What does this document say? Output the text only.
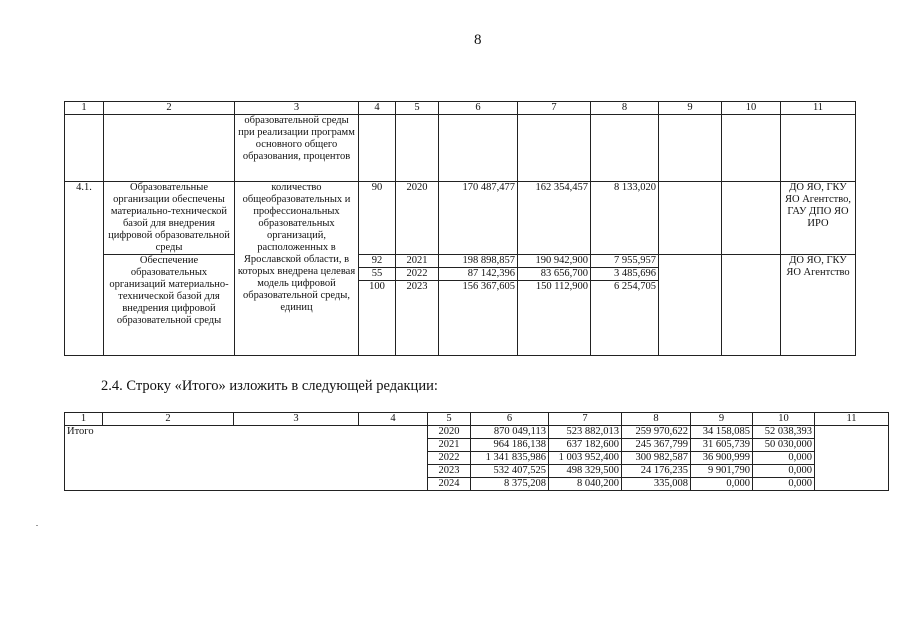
8
1	2	3	4	5	6	7	8	9	10	11
		образовательной среды при реализации программ основного общего образования, процентов								
4.1.	Образовательные организации обеспечены материально-технической базой для внедрения цифровой образовательной среды	количество общеобразовательных и профессиональных образовательных организаций, расположенных в Ярославской области, в которых внедрена целевая модель цифровой образовательной среды, единиц	90	2020	170 487,477	162 354,457	8 133,020			ДО ЯО, ГКУ ЯО Агентство, ГАУ ДПО ЯО ИРО
	Обеспечение образовательных организаций материально-технической базой для внедрения цифровой образовательной среды		92	2021	198 898,857	190 942,900	7 955,957			ДО ЯО, ГКУ ЯО Агентство
			55	2022	87 142,396	83 656,700	3 485,696			
			100	2023	156 367,605	150 112,900	6 254,705			
2.4. Строку «Итого» изложить в следующей редакции:
1	2	3	4	5	6	7	8	9	10	11
Итого				2020	870 049,113	523 882,013	259 970,622	34 158,085	52 038,393	
				2021	964 186,138	637 182,600	245 367,799	31 605,739	50 030,000	
				2022	1 341 835,986	1 003 952,400	300 982,587	36 900,999	0,000	
				2023	532 407,525	498 329,500	24 176,235	9 901,790	0,000	
				2024	8 375,208	8 040,200	335,008	0,000	0,000	
